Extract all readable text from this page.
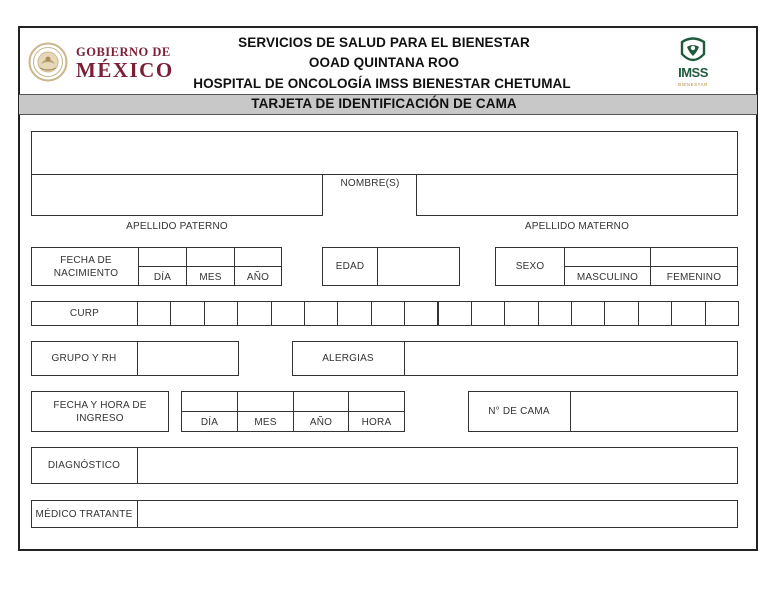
GOBIERNO DE
MÉXICO
SERVICIOS DE SALUD PARA EL BIENESTAR
OOAD QUINTANA ROO
HOSPITAL DE ONCOLOGÍA IMSS BIENESTAR CHETUMAL
IMSS
BIENESTAR
TARJETA DE IDENTIFICACIÓN DE CAMA
NOMBRE(S)
APELLIDO PATERNO	APELLIDO MATERNO
FECHA DE NACIMIENTO	DÍA	MES	AÑO
EDAD	SEXO
MASCULINO	FEMENINO
CURP
GRUPO Y RH	ALERGIAS
FECHA Y HORA DE INGRESO	DÍA	MES	AÑO	HORA
N° DE CAMA
DIAGNÓSTICO
MÉDICO TRATANTE
